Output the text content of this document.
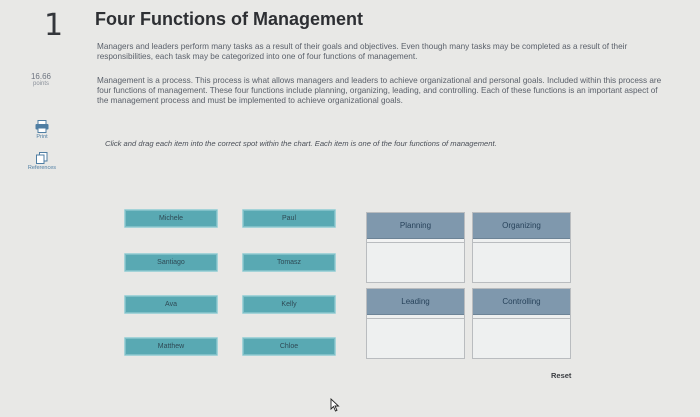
1
16.66
points
Print
References
Four Functions of Management
Managers and leaders perform many tasks as a result of their goals and objectives. Even though many tasks may be completed as a result of their responsibilities, each task may be categorized into one of four functions of management.
Management is a process. This process is what allows managers and leaders to achieve organizational and personal goals. Included within this process are four functions of management. These four functions include planning, organizing, leading, and controlling. Each of these functions is an important aspect of the management process and must be implemented to achieve organizational goals.
Click and drag each item into the correct spot within the chart. Each item is one of the four functions of management.
Michele	Paul
Santiago	Tomasz
Ava	Kelly
Matthew	Chloe
Planning	Organizing
Leading	Controlling
Reset
